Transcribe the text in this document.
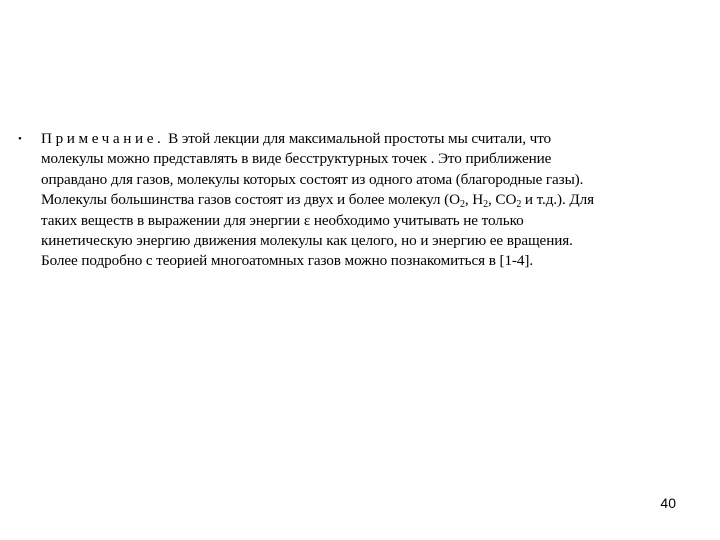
•	Примечание. В этой лекции для максимальной простоты мы считали, что
молекулы можно представлять в виде бесструктурных точек . Это приближение
оправдано для газов, молекулы которых состоят из одного атома (благородные газы).
Молекулы большинства газов состоят из двух и более молекул ($O_2$, $H_2$, $CO_2$ и т.д.). Для
таких веществ в выражении для энергии ε необходимо учитывать не только
кинетическую энергию движения молекулы как целого, но и энергию ее вращения.
Более подробно с теорией многоатомных газов можно познакомиться в [1-4].
40
